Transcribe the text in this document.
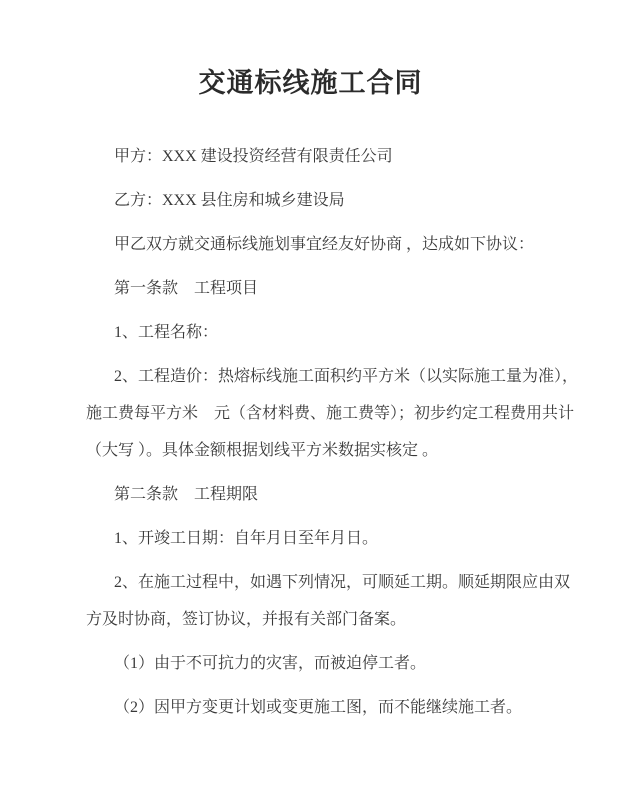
交通标线施工合同
甲方：XXX 建设投资经营有限责任公司
乙方：XXX 县住房和城乡建设局
甲乙双方就交通标线施划事宜经友好协商 ，达成如下协议：
第一条款　工程项目
1、工程名称：
2、工程造价：热熔标线施工面积约平方米（以实际施工量为准），
施工费每平方米　元（含材料费、施工费等）；初步约定工程费用共计
（大写 ）。具体金额根据划线平方米数据实核定 。
第二条款　工程期限
1、开竣工日期：自年月日至年月日。
2、在施工过程中，如遇下列情况，可顺延工期。顺延期限应由双
方及时协商，签订协议，并报有关部门备案。
（1）由于不可抗力的灾害，而被迫停工者。
（2）因甲方变更计划或变更施工图，而不能继续施工者。
